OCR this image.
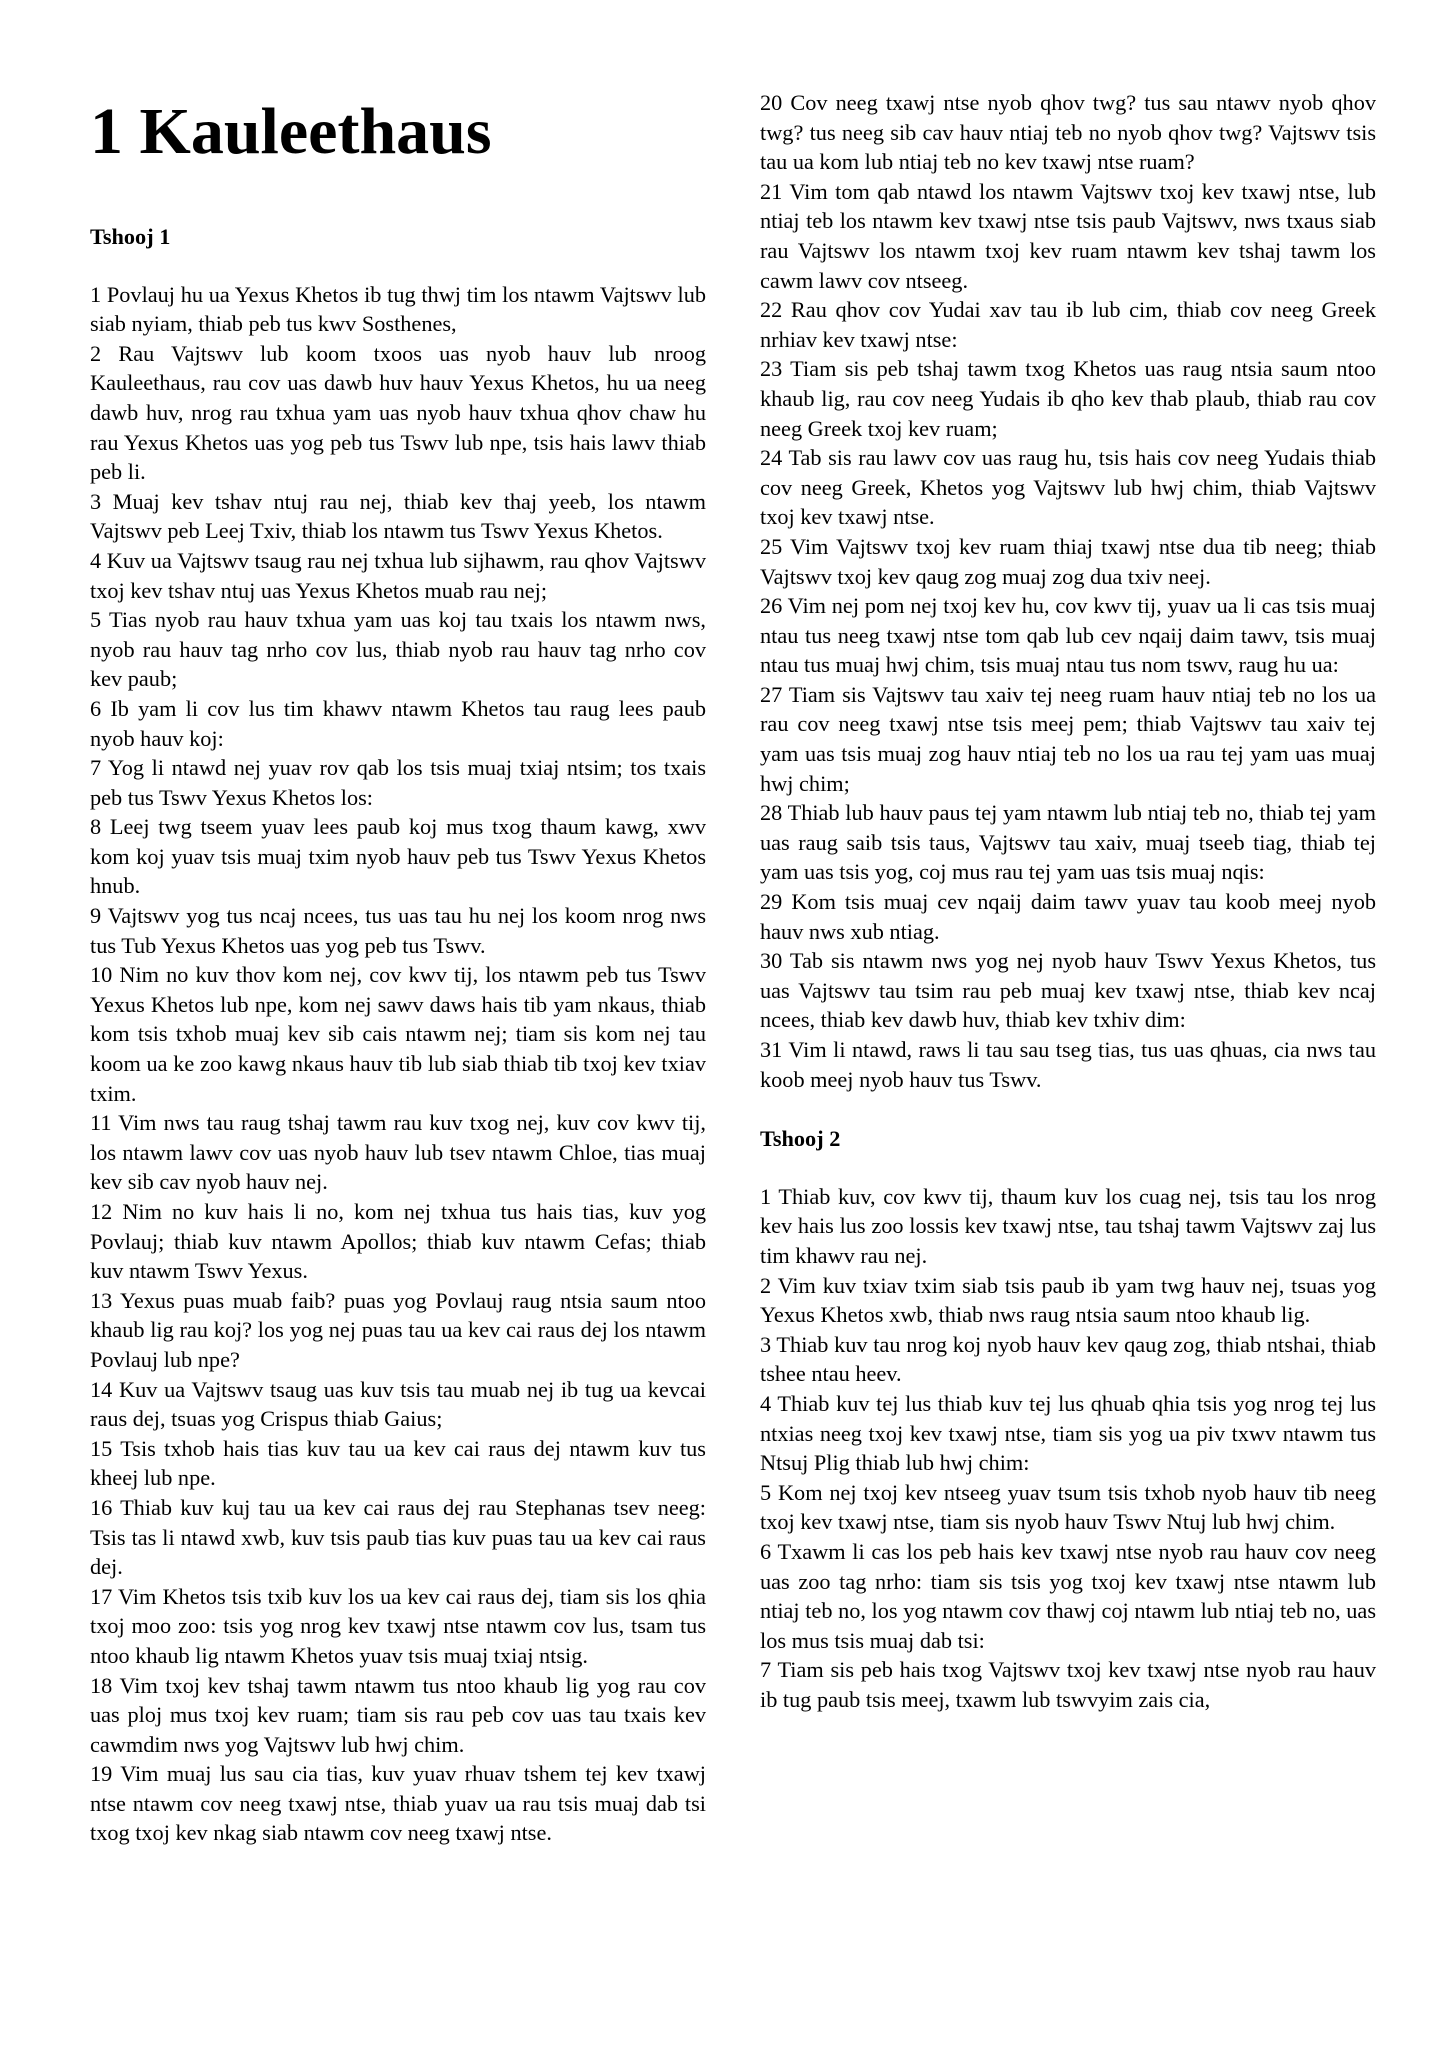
1 Kauleethaus
Tshooj 1

1 Povlauj hu ua Yexus Khetos ib tug thwj tim los ntawm Vajtswv lub siab nyiam, thiab peb tus kwv Sosthenes,

2 Rau Vajtswv lub koom txoos uas nyob hauv lub nroog Kauleethaus, rau cov uas dawb huv hauv Yexus Khetos, hu ua neeg dawb huv, nrog rau txhua yam uas nyob hauv txhua qhov chaw hu rau Yexus Khetos uas yog peb tus Tswv lub npe, tsis hais lawv thiab peb li.

3 Muaj kev tshav ntuj rau nej, thiab kev thaj yeeb, los ntawm Vajtswv peb Leej Txiv, thiab los ntawm tus Tswv Yexus Khetos.

4 Kuv ua Vajtswv tsaug rau nej txhua lub sijhawm, rau qhov Vajtswv txoj kev tshav ntuj uas Yexus Khetos muab rau nej;

5 Tias nyob rau hauv txhua yam uas koj tau txais los ntawm nws, nyob rau hauv tag nrho cov lus, thiab nyob rau hauv tag nrho cov kev paub;

6 Ib yam li cov lus tim khawv ntawm Khetos tau raug lees paub nyob hauv koj:

7 Yog li ntawd nej yuav rov qab los tsis muaj txiaj ntsim; tos txais peb tus Tswv Yexus Khetos los:

8 Leej twg tseem yuav lees paub koj mus txog thaum kawg, xwv kom koj yuav tsis muaj txim nyob hauv peb tus Tswv Yexus Khetos hnub.

9 Vajtswv yog tus ncaj ncees, tus uas tau hu nej los koom nrog nws tus Tub Yexus Khetos uas yog peb tus Tswv.

10 Nim no kuv thov kom nej, cov kwv tij, los ntawm peb tus Tswv Yexus Khetos lub npe, kom nej sawv daws hais tib yam nkaus, thiab kom tsis txhob muaj kev sib cais ntawm nej; tiam sis kom nej tau koom ua ke zoo kawg nkaus hauv tib lub siab thiab tib txoj kev txiav txim.

11 Vim nws tau raug tshaj tawm rau kuv txog nej, kuv cov kwv tij, los ntawm lawv cov uas nyob hauv lub tsev ntawm Chloe, tias muaj kev sib cav nyob hauv nej.

12 Nim no kuv hais li no, kom nej txhua tus hais tias, kuv yog Povlauj; thiab kuv ntawm Apollos; thiab kuv ntawm Cefas; thiab kuv ntawm Tswv Yexus.

13 Yexus puas muab faib? puas yog Povlauj raug ntsia saum ntoo khaub lig rau koj? los yog nej puas tau ua kev cai raus dej los ntawm Povlauj lub npe?

14 Kuv ua Vajtswv tsaug uas kuv tsis tau muab nej ib tug ua kevcai raus dej, tsuas yog Crispus thiab Gaius;

15 Tsis txhob hais tias kuv tau ua kev cai raus dej ntawm kuv tus kheej lub npe.

16 Thiab kuv kuj tau ua kev cai raus dej rau Stephanas tsev neeg: Tsis tas li ntawd xwb, kuv tsis paub tias kuv puas tau ua kev cai raus dej.

17 Vim Khetos tsis txib kuv los ua kev cai raus dej, tiam sis los qhia txoj moo zoo: tsis yog nrog kev txawj ntse ntawm cov lus, tsam tus ntoo khaub lig ntawm Khetos yuav tsis muaj txiaj ntsig.

18 Vim txoj kev tshaj tawm ntawm tus ntoo khaub lig yog rau cov uas ploj mus txoj kev ruam; tiam sis rau peb cov uas tau txais kev cawmdim nws yog Vajtswv lub hwj chim.

19 Vim muaj lus sau cia tias, kuv yuav rhuav tshem tej kev txawj ntse ntawm cov neeg txawj ntse, thiab yuav ua rau tsis muaj dab tsi txog txoj kev nkag siab ntawm cov neeg txawj ntse.

20 Cov neeg txawj ntse nyob qhov twg? tus sau ntawv nyob qhov twg? tus neeg sib cav hauv ntiaj teb no nyob qhov twg? Vajtswv tsis tau ua kom lub ntiaj teb no kev txawj ntse ruam?

21 Vim tom qab ntawd los ntawm Vajtswv txoj kev txawj ntse, lub ntiaj teb los ntawm kev txawj ntse tsis paub Vajtswv, nws txaus siab rau Vajtswv los ntawm txoj kev ruam ntawm kev tshaj tawm los cawm lawv cov ntseeg.

22 Rau qhov cov Yudai xav tau ib lub cim, thiab cov neeg Greek nrhiav kev txawj ntse:

23 Tiam sis peb tshaj tawm txog Khetos uas raug ntsia saum ntoo khaub lig, rau cov neeg Yudais ib qho kev thab plaub, thiab rau cov neeg Greek txoj kev ruam;

24 Tab sis rau lawv cov uas raug hu, tsis hais cov neeg Yudais thiab cov neeg Greek, Khetos yog Vajtswv lub hwj chim, thiab Vajtswv txoj kev txawj ntse.

25 Vim Vajtswv txoj kev ruam thiaj txawj ntse dua tib neeg; thiab Vajtswv txoj kev qaug zog muaj zog dua txiv neej.

26 Vim nej pom nej txoj kev hu, cov kwv tij, yuav ua li cas tsis muaj ntau tus neeg txawj ntse tom qab lub cev nqaij daim tawv, tsis muaj ntau tus muaj hwj chim, tsis muaj ntau tus nom tswv, raug hu ua:

27 Tiam sis Vajtswv tau xaiv tej neeg ruam hauv ntiaj teb no los ua rau cov neeg txawj ntse tsis meej pem; thiab Vajtswv tau xaiv tej yam uas tsis muaj zog hauv ntiaj teb no los ua rau tej yam uas muaj hwj chim;

28 Thiab lub hauv paus tej yam ntawm lub ntiaj teb no, thiab tej yam uas raug saib tsis taus, Vajtswv tau xaiv, muaj tseeb tiag, thiab tej yam uas tsis yog, coj mus rau tej yam uas tsis muaj nqis:

29 Kom tsis muaj cev nqaij daim tawv yuav tau koob meej nyob hauv nws xub ntiag.

30 Tab sis ntawm nws yog nej nyob hauv Tswv Yexus Khetos, tus uas Vajtswv tau tsim rau peb muaj kev txawj ntse, thiab kev ncaj ncees, thiab kev dawb huv, thiab kev txhiv dim:

31 Vim li ntawd, raws li tau sau tseg tias, tus uas qhuas, cia nws tau koob meej nyob hauv tus Tswv.

Tshooj 2

1 Thiab kuv, cov kwv tij, thaum kuv los cuag nej, tsis tau los nrog kev hais lus zoo lossis kev txawj ntse, tau tshaj tawm Vajtswv zaj lus tim khawv rau nej.

2 Vim kuv txiav txim siab tsis paub ib yam twg hauv nej, tsuas yog Yexus Khetos xwb, thiab nws raug ntsia saum ntoo khaub lig.

3 Thiab kuv tau nrog koj nyob hauv kev qaug zog, thiab ntshai, thiab tshee ntau heev.

4 Thiab kuv tej lus thiab kuv tej lus qhuab qhia tsis yog nrog tej lus ntxias neeg txoj kev txawj ntse, tiam sis yog ua piv txwv ntawm tus Ntsuj Plig thiab lub hwj chim:

5 Kom nej txoj kev ntseeg yuav tsum tsis txhob nyob hauv tib neeg txoj kev txawj ntse, tiam sis nyob hauv Tswv Ntuj lub hwj chim.

6 Txawm li cas los peb hais kev txawj ntse nyob rau hauv cov neeg uas zoo tag nrho: tiam sis tsis yog txoj kev txawj ntse ntawm lub ntiaj teb no, los yog ntawm cov thawj coj ntawm lub ntiaj teb no, uas los mus tsis muaj dab tsi:

7 Tiam sis peb hais txog Vajtswv txoj kev txawj ntse nyob rau hauv ib tug paub tsis meej, txawm lub tswvyim zais cia,
